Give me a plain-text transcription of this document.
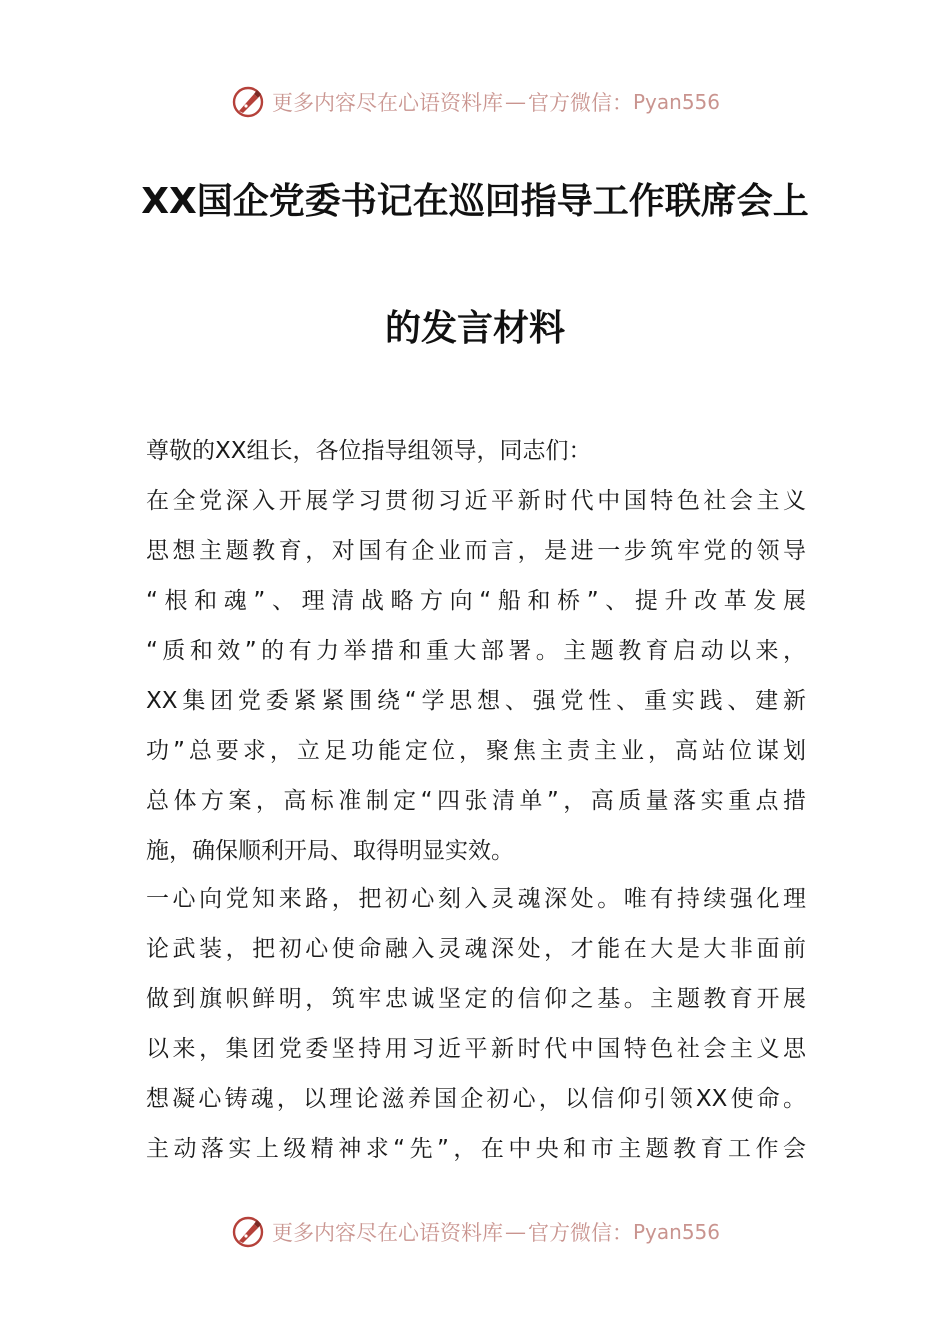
更多内容尽在心语资料库 — 官方微信： Pyan556
XX国企党委书记在巡回指导工作联席会上
的发言材料
尊敬的XX组长，各位指导组领导，同志们：
在全党深入开展学习贯彻习近平新时代中国特色社会主义
思想主题教育，对国有企业而言，是进一步筑牢党的领导
“根和魂”、理清战略方向“船和桥”、提升改革发展
“质和效”的有力举措和重大部署。主题教育启动以来，
XX集团党委紧紧围绕“学思想、强党性、重实践、建新
功”总要求，立足功能定位，聚焦主责主业，高站位谋划
总体方案，高标准制定“四张清单”，高质量落实重点措
施，确保顺利开局、取得明显实效。
一心向党知来路，把初心刻入灵魂深处。唯有持续强化理
论武装，把初心使命融入灵魂深处，才能在大是大非面前
做到旗帜鲜明，筑牢忠诚坚定的信仰之基。主题教育开展
以来，集团党委坚持用习近平新时代中国特色社会主义思
想凝心铸魂，以理论滋养国企初心，以信仰引领XX使命。
主动落实上级精神求“先”，在中央和市主题教育工作会
更多内容尽在心语资料库 — 官方微信： Pyan556
